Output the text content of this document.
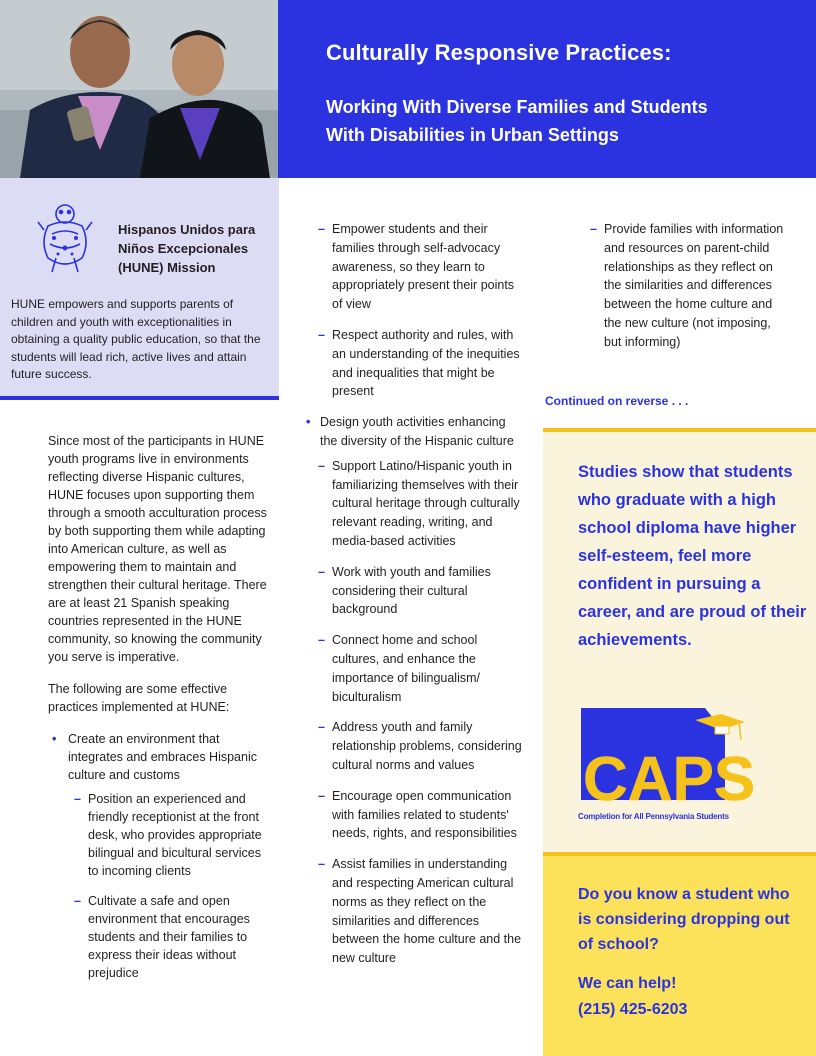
Culturally Responsive Practices:
Working With Diverse Families and Students
With Disabilities in Urban Settings
Hispanos Unidos para
Niños Excepcionales
(HUNE) Mission
HUNE empowers and supports parents of children and youth with exceptionalities in obtaining a quality public education, so that the students will lead rich, active lives and attain future success.

Since most of the participants in HUNE youth programs live in environments reflecting diverse Hispanic cultures, HUNE focuses upon supporting them through a smooth acculturation process by both supporting them while adapting into American culture, as well as empowering them to maintain and strengthen their cultural heritage. There are at least 21 Spanish speaking countries represented in the HUNE community, so knowing the community you serve is imperative.

The following are some effective practices implemented at HUNE:

• Create an environment that integrates and embraces Hispanic culture and customs
– Position an experienced and friendly receptionist at the front desk, who provides appropriate bilingual and bicultural services to incoming clients
– Cultivate a safe and open environment that encourages students and their families to express their ideas without prejudice
– Empower students and their families through self-advocacy awareness, so they learn to appropriately present their points of view
– Respect authority and rules, with an understanding of the inequities and inequalities that might be present
• Design youth activities enhancing the diversity of the Hispanic culture
– Support Latino/Hispanic youth in familiarizing themselves with their cultural heritage through culturally relevant reading, writing, and media-based activities
– Work with youth and families considering their cultural background
– Connect home and school cultures, and enhance the importance of bilingualism/ biculturalism
– Address youth and family relationship problems, considering cultural norms and values
– Encourage open communication with families related to students' needs, rights, and responsibilities
– Assist families in understanding and respecting American cultural norms as they reflect on the similarities and differences between the home culture and the new culture
– Provide families with information and resources on parent-child relationships as they reflect on the similarities and differences between the home culture and the new culture (not imposing, but informing)
Continued on reverse . . .
Studies show that students who graduate with a high school diploma have higher self-esteem, feel more confident in pursuing a career, and are proud of their achievements.
CAPS
Completion for All Pennsylvania Students
Do you know a student who is considering dropping out of school?
We can help!
(215) 425-6203
